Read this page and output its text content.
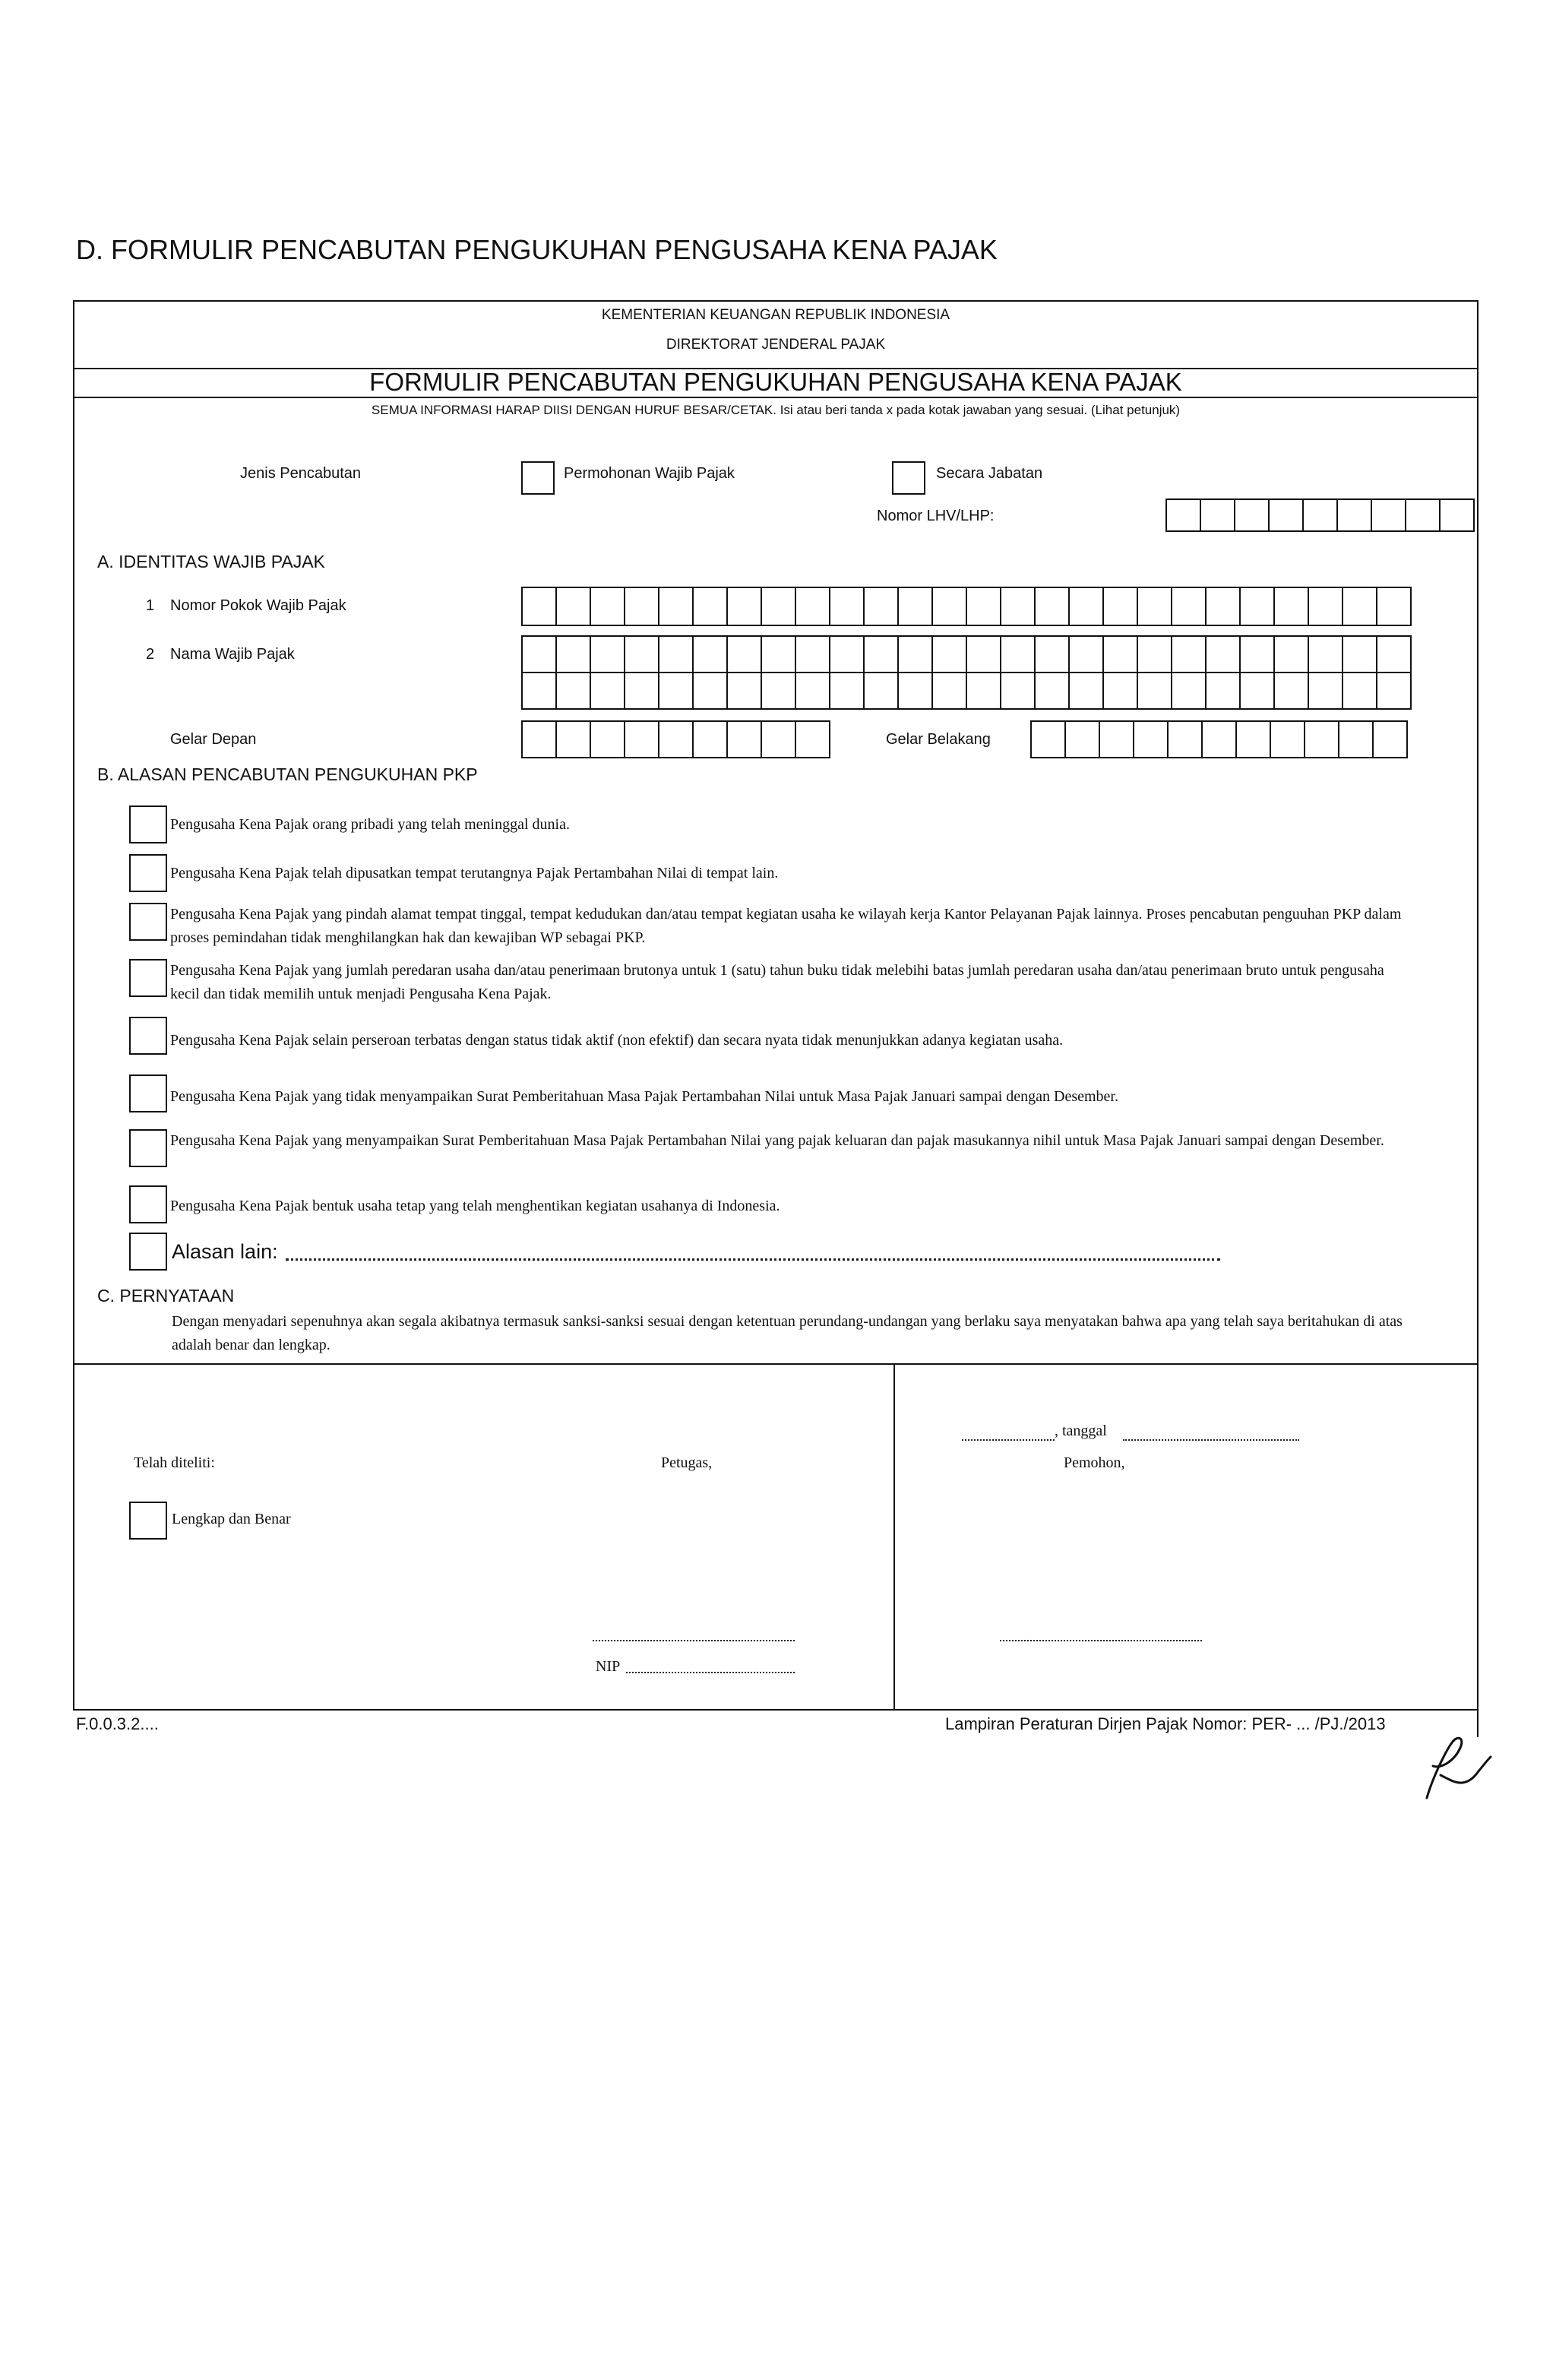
D. FORMULIR PENCABUTAN PENGUKUHAN PENGUSAHA KENA PAJAK
KEMENTERIAN KEUANGAN REPUBLIK INDONESIA
DIREKTORAT JENDERAL PAJAK
FORMULIR PENCABUTAN PENGUKUHAN PENGUSAHA KENA PAJAK
SEMUA INFORMASI HARAP DIISI DENGAN HURUF BESAR/CETAK. Isi atau beri tanda x pada kotak jawaban yang sesuai. (Lihat petunjuk)
Jenis Pencabutan	Permohonan Wajib Pajak	Secara Jabatan
Nomor LHV/LHP:
A. IDENTITAS WAJIB PAJAK
1 Nomor Pokok Wajib Pajak
2 Nama Wajib Pajak
Gelar Depan	Gelar Belakang
B. ALASAN PENCABUTAN PENGUKUHAN PKP
Pengusaha Kena Pajak orang pribadi yang telah meninggal dunia.
Pengusaha Kena Pajak telah dipusatkan tempat terutangnya Pajak Pertambahan Nilai di tempat lain.
Pengusaha Kena Pajak yang pindah alamat tempat tinggal, tempat kedudukan dan/atau tempat kegiatan usaha ke wilayah kerja Kantor Pelayanan Pajak lainnya. Proses pencabutan penguuhan PKP dalam proses pemindahan tidak menghilangkan hak dan kewajiban WP sebagai PKP.
Pengusaha Kena Pajak yang jumlah peredaran usaha dan/atau penerimaan brutonya untuk 1 (satu) tahun buku tidak melebihi batas jumlah peredaran usaha dan/atau penerimaan bruto untuk pengusaha kecil dan tidak memilih untuk menjadi Pengusaha Kena Pajak.
Pengusaha Kena Pajak selain perseroan terbatas dengan status tidak aktif (non efektif) dan secara nyata tidak menunjukkan adanya kegiatan usaha.
Pengusaha Kena Pajak yang tidak menyampaikan Surat Pemberitahuan Masa Pajak Pertambahan Nilai untuk Masa Pajak Januari sampai dengan Desember.
Pengusaha Kena Pajak yang menyampaikan Surat Pemberitahuan Masa Pajak Pertambahan Nilai yang pajak keluaran dan pajak masukannya nihil untuk Masa Pajak Januari sampai dengan Desember.
Pengusaha Kena Pajak bentuk usaha tetap yang telah menghentikan kegiatan usahanya di Indonesia.
Alasan lain:
C. PERNYATAAN
Dengan menyadari sepenuhnya akan segala akibatnya termasuk sanksi-sanksi sesuai dengan ketentuan perundang-undangan yang berlaku saya menyatakan bahwa apa yang telah saya beritahukan di atas adalah benar dan lengkap.
Telah diteliti:
Lengkap dan Benar
Petugas,
NIP
, tanggal
Pemohon,
F.0.0.3.2....	Lampiran Peraturan Dirjen Pajak Nomor: PER- ... /PJ./2013
